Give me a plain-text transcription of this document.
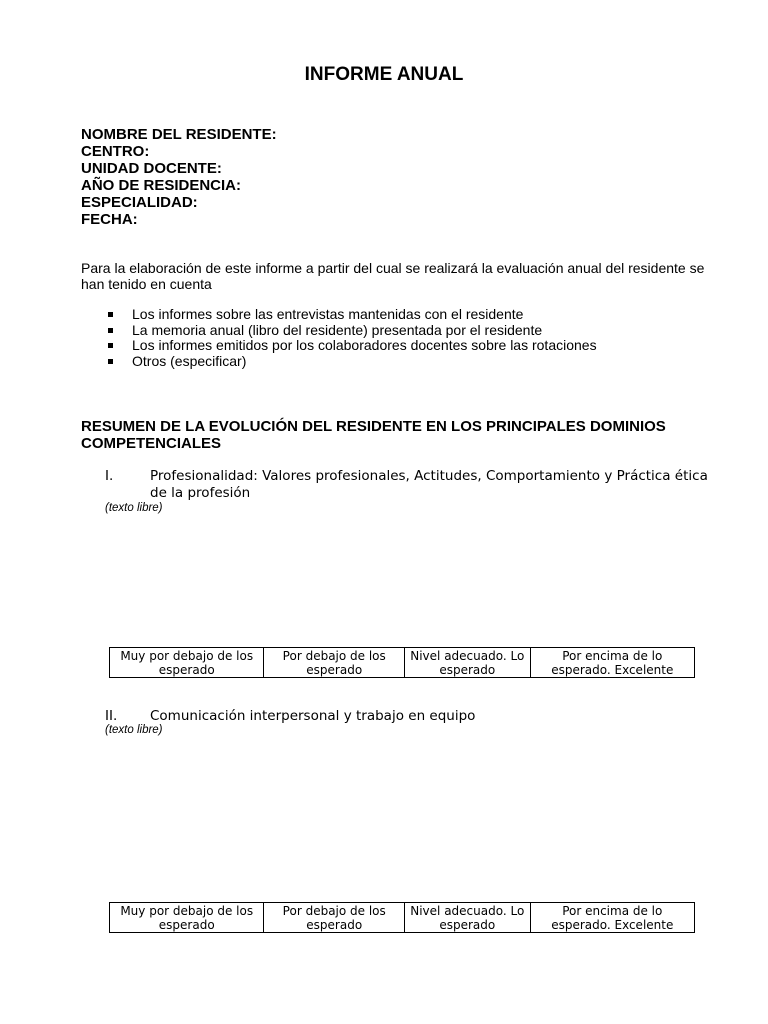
INFORME ANUAL
NOMBRE DEL RESIDENTE:
CENTRO:
UNIDAD DOCENTE:
AÑO DE RESIDENCIA:
ESPECIALIDAD:
FECHA:
Para la elaboración de este informe a partir del cual se realizará la evaluación anual del residente se han tenido en cuenta
Los informes sobre las entrevistas mantenidas con el residente
La memoria anual (libro del residente) presentada por el residente
Los informes emitidos por los colaboradores docentes sobre las rotaciones
Otros (especificar)
RESUMEN DE LA EVOLUCIÓN DEL RESIDENTE EN LOS PRINCIPALES DOMINIOS COMPETENCIALES
I.	Profesionalidad: Valores profesionales, Actitudes, Comportamiento y Práctica ética de la profesión
(texto libre)
Muy por debajo de los esperado
Por debajo de los esperado
Nivel adecuado. Lo esperado
Por encima de lo esperado. Excelente
II.	Comunicación interpersonal y trabajo en equipo
(texto libre)
Muy por debajo de los esperado
Por debajo de los esperado
Nivel adecuado. Lo esperado
Por encima de lo esperado. Excelente
